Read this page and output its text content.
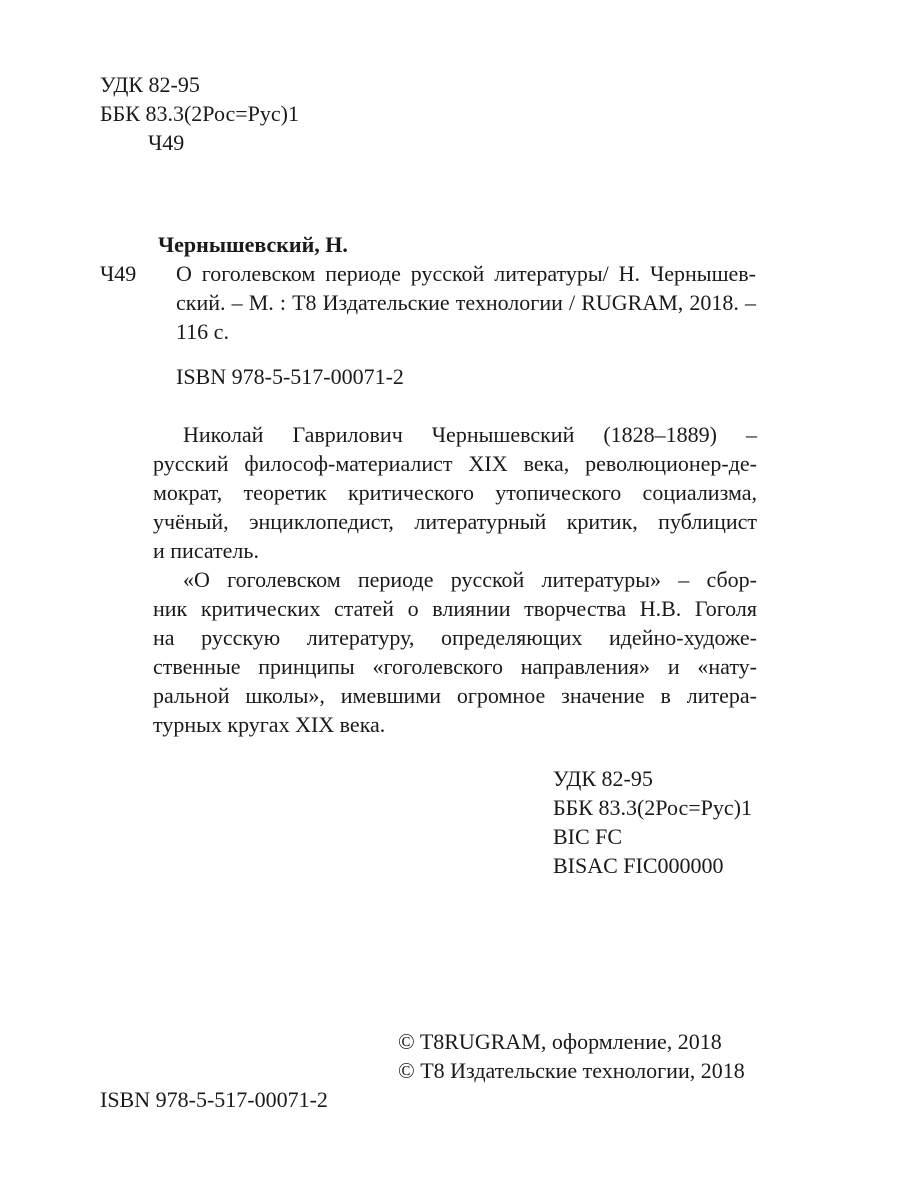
УДК 82-95
ББК 83.3(2Рос=Рус)1
Ч49
Чернышевский, Н.
Ч49 О гоголевском периоде русской литературы/ Н. Чернышев-
ский. – М. : Т8 Издательские технологии / RUGRAM, 2018. –
116 с.
ISBN 978-5-517-00071-2
Николай Гаврилович Чернышевский (1828–1889) –
русский философ-материалист XIX века, революционер-де-
мократ, теоретик критического утопического социализма,
учёный, энциклопедист, литературный критик, публицист
и писатель.
«О гоголевском периоде русской литературы» – сбор-
ник критических статей о влиянии творчества Н.В. Гоголя
на русскую литературу, определяющих идейно-художе-
ственные принципы «гоголевского направления» и «нату-
ральной школы», имевшими огромное значение в литера-
турных кругах XIX века.
УДК 82-95
ББК 83.3(2Рос=Рус)1
BIC FC
BISAC FIC000000
© T8RUGRAM, оформление, 2018
© Т8 Издательские технологии, 2018
ISBN 978-5-517-00071-2
